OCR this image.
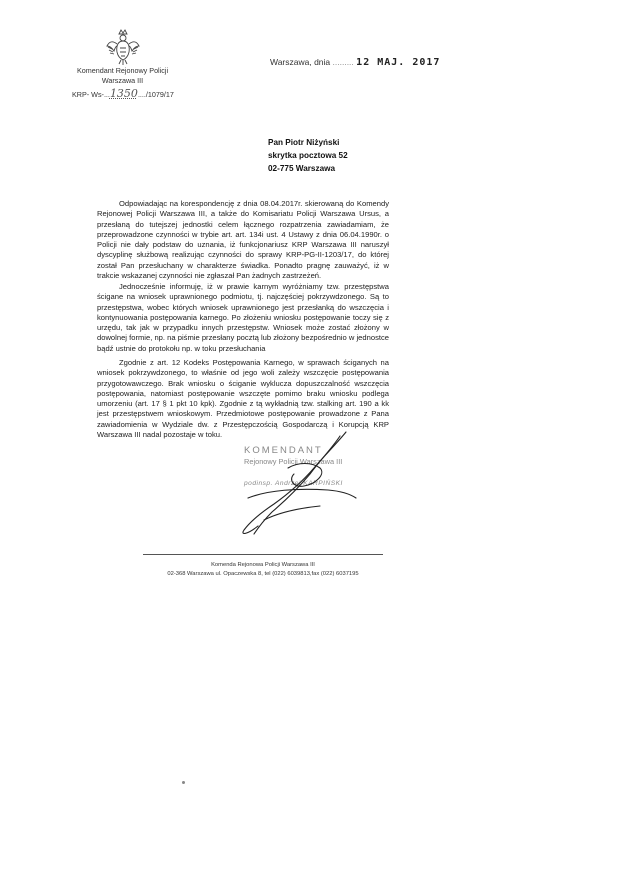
Komendant Rejonowy Policji
Warszawa III
KRP- Ws-...1350..../1079/17
Warszawa, dnia ......... 12 MAJ. 2017
Pan Piotr Niżyński
skrytka pocztowa 52
02-775 Warszawa

Odpowiadając na korespondencję z dnia 08.04.2017r. skierowaną do Komendy Rejonowej Policji Warszawa III, a także do Komisariatu Policji Warszawa Ursus, a przesłaną do tutejszej jednostki celem łącznego rozpatrzenia zawiadamiam, że przeprowadzone czynności w trybie art. art. 134i ust. 4 Ustawy z dnia 06.04.1990r. o Policji nie dały podstaw do uznania, iż funkcjonariusz KRP Warszawa III naruszył dyscyplinę służbową realizując czynności do sprawy KRP-PG-II-1203/17, do której został Pan przesłuchany w charakterze świadka. Ponadto pragnę zauważyć, iż w trakcie wskazanej czynności nie zgłaszał Pan żadnych zastrzeżeń.

Jednocześnie informuję, iż w prawie karnym wyróżniamy tzw. przestępstwa ścigane na wniosek uprawnionego podmiotu, tj. najczęściej pokrzywdzonego. Są to przestępstwa, wobec których wniosek uprawnionego jest przesłanką do wszczęcia i kontynuowania postępowania karnego. Po złożeniu wniosku postępowanie toczy się z urzędu, tak jak w przypadku innych przestępstw. Wniosek może zostać złożony w dowolnej formie, np. na piśmie przesłany pocztą lub złożony bezpośrednio w jednostce bądź ustnie do protokołu np. w toku przesłuchania

Zgodnie z art. 12 Kodeks Postępowania Karnego, w sprawach ściganych na wniosek pokrzywdzonego, to właśnie od jego woli zależy wszczęcie postępowania przygotowawczego. Brak wniosku o ściganie wyklucza dopuszczalność wszczęcia postępowania, natomiast postępowanie wszczęte pomimo braku wniosku podlega umorzeniu (art. 17 § 1 pkt 10 kpk). Zgodnie z tą wykładnią tzw. stalking art. 190 a kk jest przestępstwem wnioskowym. Przedmiotowe postępowanie prowadzone z Pana zawiadomienia w Wydziale dw. z Przestępczością Gospodarczą i Korupcją KRP Warszawa III nadal pozostaje w toku.

KOMENDANT
Rejonowy Policji Warszawa III
podinsp. Andrzej KARPIŃSKI
Komenda Rejonowa Policji Warszawa III
02-368 Warszawa ul. Opaczewska 8, tel (022) 6039813,fax (022) 6037195
